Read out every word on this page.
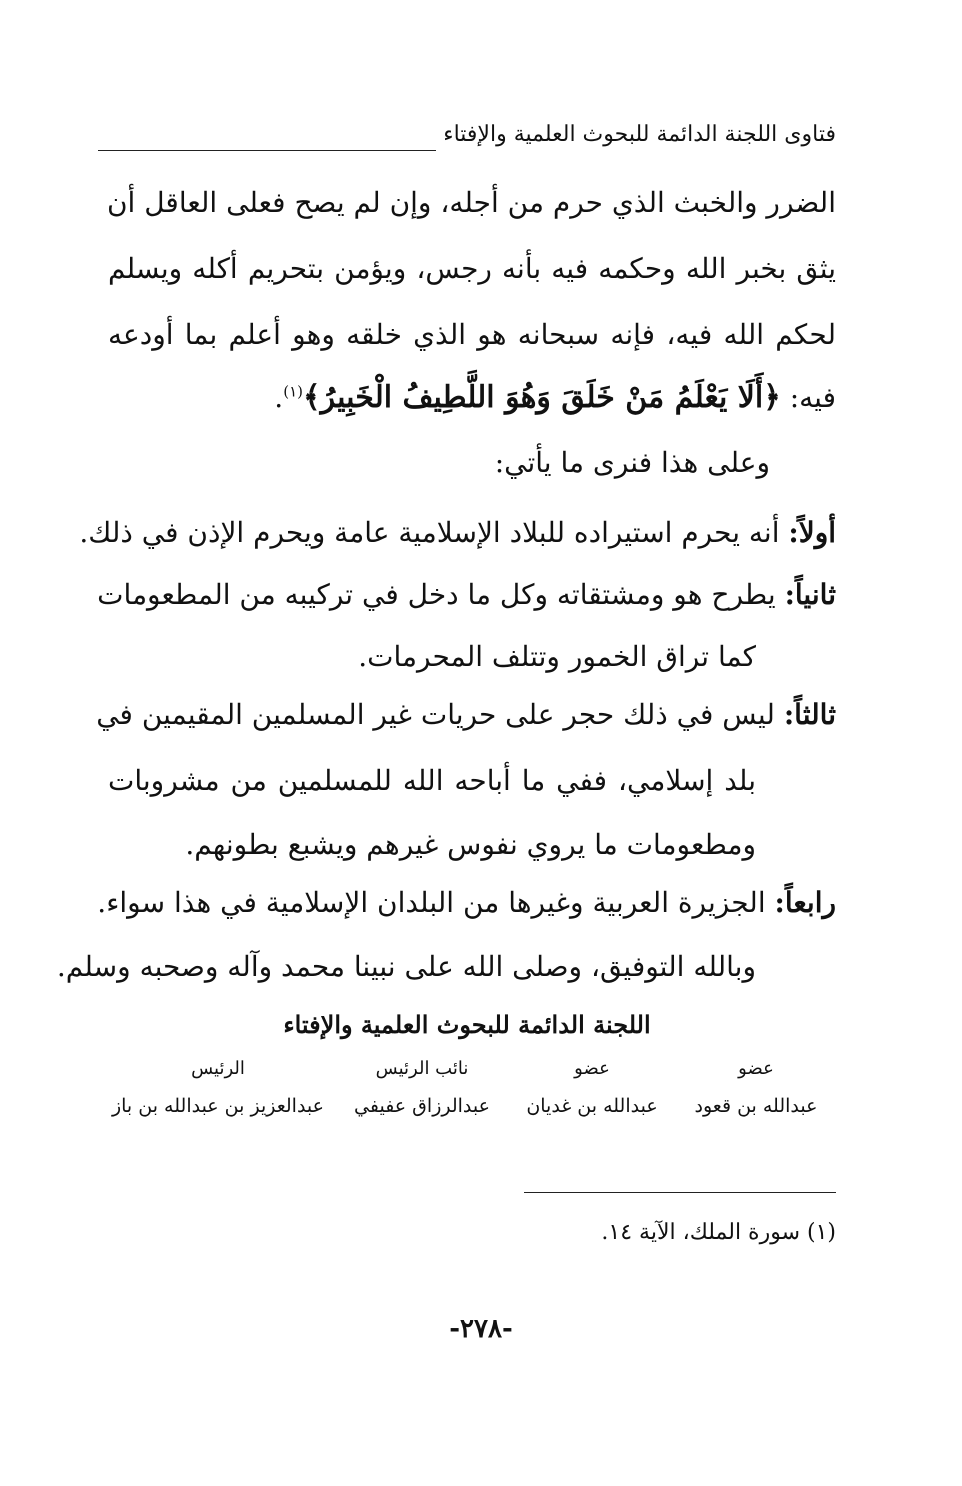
فتاوى اللجنة الدائمة للبحوث العلمية والإفتاء
الضرر والخبث الذي حرم من أجله، وإن لم يصح فعلى العاقل أن
يثق بخبر الله وحكمه فيه بأنه رجس، ويؤمن بتحريم أكله ويسلم
لحكم الله فيه، فإنه سبحانه هو الذي خلقه وهو أعلم بما أودعه
فيه: ﴿أَلَا يَعْلَمُ مَنْ خَلَقَ وَهُوَ اللَّطِيفُ الْخَبِيرُ﴾$^{(١)}$.
وعلى هذا فنرى ما يأتي:
أولاً: أنه يحرم استيراده للبلاد الإسلامية عامة ويحرم الإذن في ذلك.
ثانياً: يطرح هو ومشتقاته وكل ما دخل في تركيبه من المطعومات
كما تراق الخمور وتتلف المحرمات.
ثالثاً: ليس في ذلك حجر على حريات غير المسلمين المقيمين في
بلد إسلامي، ففي ما أباحه الله للمسلمين من مشروبات
ومطعومات ما يروي نفوس غيرهم ويشبع بطونهم.
رابعاً: الجزيرة العربية وغيرها من البلدان الإسلامية في هذا سواء.
وبالله التوفيق، وصلى الله على نبينا محمد وآله وصحبه وسلم.
اللجنة الدائمة للبحوث العلمية والإفتاء
عضو
عبدالله بن قعود
عضو
عبدالله بن غديان
نائب الرئيس
عبدالرزاق عفيفي
الرئيس
عبدالعزيز بن عبدالله بن باز
(١) سورة الملك، الآية ١٤.
-٢٧٨-
